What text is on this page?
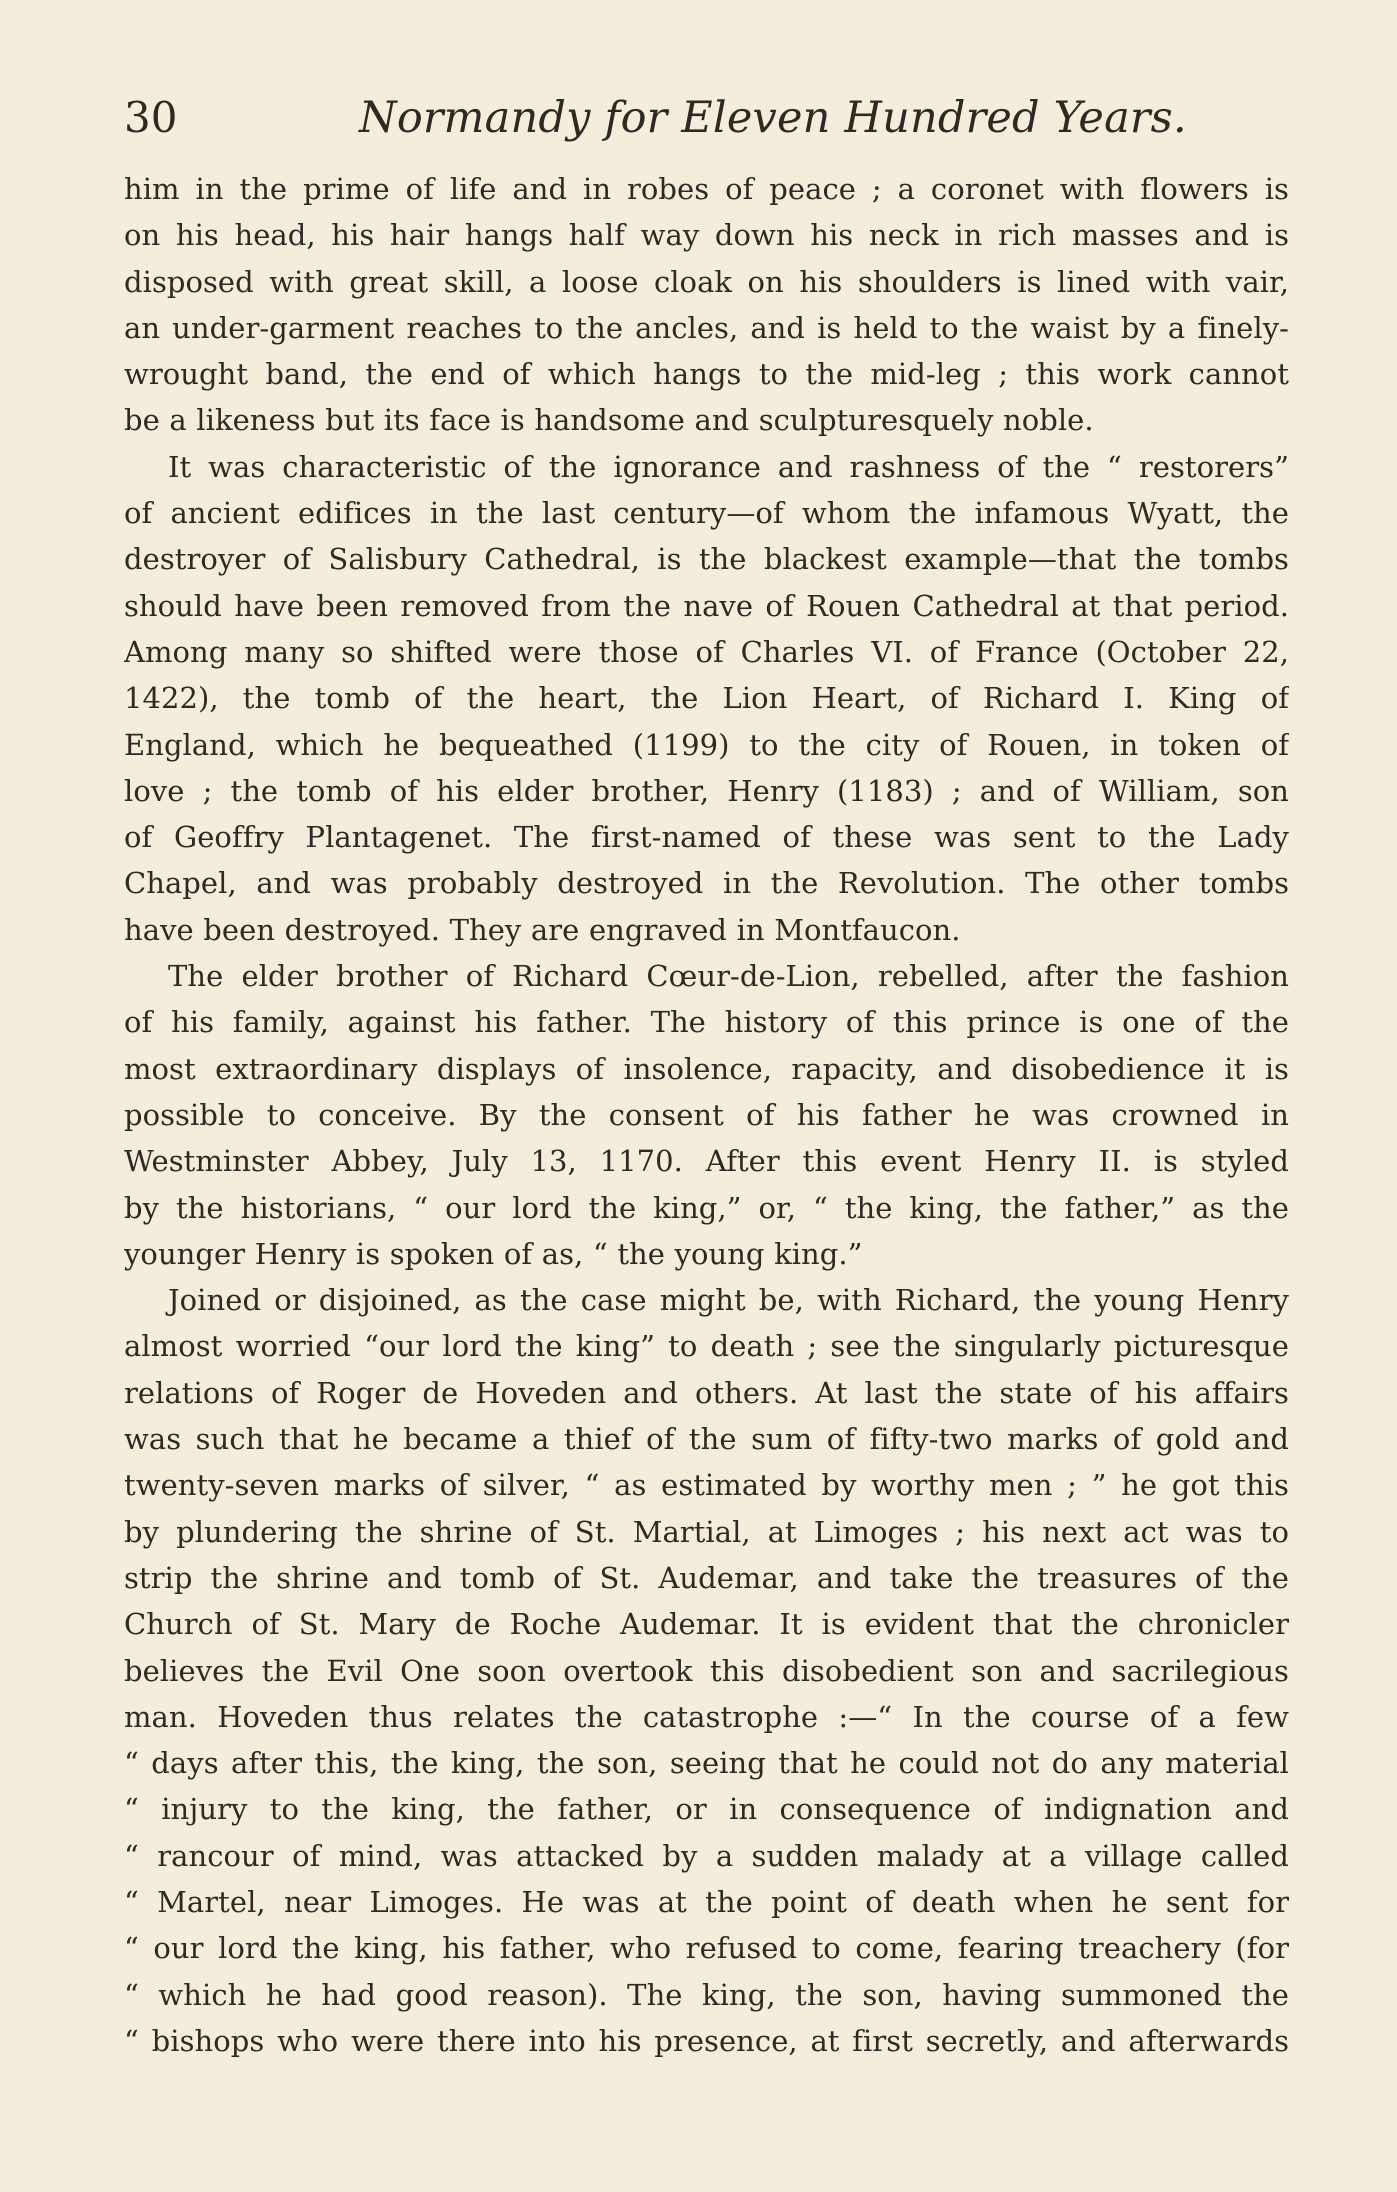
30	Normandy for Eleven Hundred Years.
him in the prime of life and in robes of peace ; a coronet with flowers is
on his head, his hair hangs half way down his neck in rich masses and is
disposed with great skill, a loose cloak on his shoulders is lined with vair,
an under-garment reaches to the ancles, and is held to the waist by a finely-
wrought band, the end of which hangs to the mid-leg ; this work cannot
be a likeness but its face is handsome and sculpturesquely noble.
It was characteristic of the ignorance and rashness of the “ restorers”
of ancient edifices in the last century—of whom the infamous Wyatt, the
destroyer of Salisbury Cathedral, is the blackest example—that the tombs
should have been removed from the nave of Rouen Cathedral at that period.
Among many so shifted were those of Charles VI. of France (October 22,
1422), the tomb of the heart, the Lion Heart, of Richard I. King of
England, which he bequeathed (1199) to the city of Rouen, in token of
love ; the tomb of his elder brother, Henry (1183) ; and of William, son
of Geoffry Plantagenet. The first-named of these was sent to the Lady
Chapel, and was probably destroyed in the Revolution. The other tombs
have been destroyed. They are engraved in Montfaucon.
The elder brother of Richard Cœur-de-Lion, rebelled, after the fashion
of his family, against his father. The history of this prince is one of the
most extraordinary displays of insolence, rapacity, and disobedience it is
possible to conceive. By the consent of his father he was crowned in
Westminster Abbey, July 13, 1170. After this event Henry II. is styled
by the historians, “ our lord the king,” or, “ the king, the father,” as the
younger Henry is spoken of as, “ the young king.”
Joined or disjoined, as the case might be, with Richard, the young Henry
almost worried “our lord the king” to death ; see the singularly picturesque
relations of Roger de Hoveden and others. At last the state of his affairs
was such that he became a thief of the sum of fifty-two marks of gold and
twenty-seven marks of silver, “ as estimated by worthy men ; ” he got this
by plundering the shrine of St. Martial, at Limoges ; his next act was to
strip the shrine and tomb of St. Audemar, and take the treasures of the
Church of St. Mary de Roche Audemar. It is evident that the chronicler
believes the Evil One soon overtook this disobedient son and sacrilegious
man. Hoveden thus relates the catastrophe :—“ In the course of a few
“ days after this, the king, the son, seeing that he could not do any material
“ injury to the king, the father, or in consequence of indignation and
“ rancour of mind, was attacked by a sudden malady at a village called
“ Martel, near Limoges. He was at the point of death when he sent for
“ our lord the king, his father, who refused to come, fearing treachery (for
“ which he had good reason). The king, the son, having summoned the
“ bishops who were there into his presence, at first secretly, and afterwards
